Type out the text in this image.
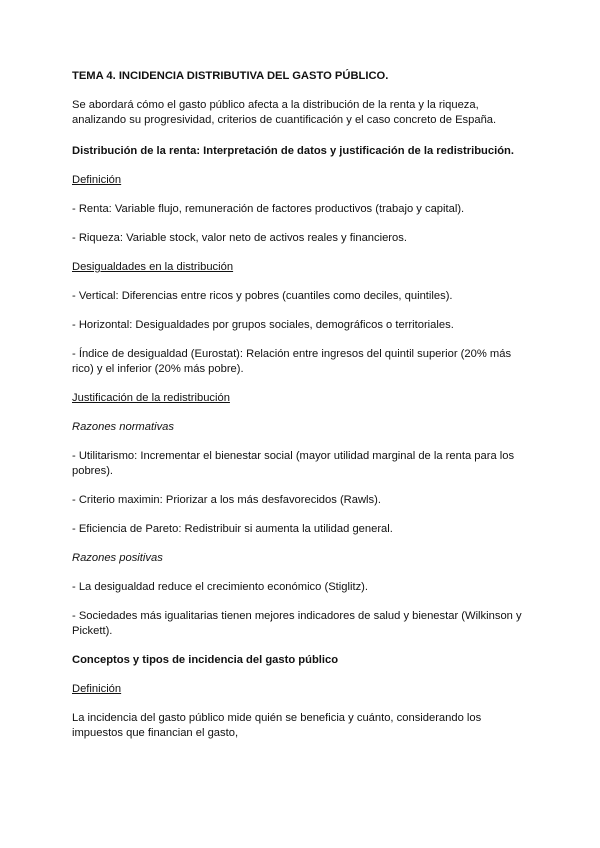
TEMA 4. INCIDENCIA DISTRIBUTIVA DEL GASTO PÚBLICO.

Se abordará cómo el gasto público afecta a la distribución de la renta y la riqueza, analizando su progresividad, criterios de cuantificación y el caso concreto de España.

Distribución de la renta: Interpretación de datos y justificación de la redistribución.

Definición

- Renta: Variable flujo, remuneración de factores productivos (trabajo y capital).

- Riqueza: Variable stock, valor neto de activos reales y financieros.

Desigualdades en la distribución

- Vertical: Diferencias entre ricos y pobres (cuantiles como deciles, quintiles).

- Horizontal: Desigualdades por grupos sociales, demográficos o territoriales.

- Índice de desigualdad (Eurostat): Relación entre ingresos del quintil superior (20% más rico) y el inferior (20% más pobre).

Justificación de la redistribución

Razones normativas

- Utilitarismo: Incrementar el bienestar social (mayor utilidad marginal de la renta para los pobres).

- Criterio maximin: Priorizar a los más desfavorecidos (Rawls).

- Eficiencia de Pareto: Redistribuir si aumenta la utilidad general.

Razones positivas

- La desigualdad reduce el crecimiento económico (Stiglitz).

- Sociedades más igualitarias tienen mejores indicadores de salud y bienestar (Wilkinson y Pickett).

Conceptos y tipos de incidencia del gasto público

Definición

La incidencia del gasto público mide quién se beneficia y cuánto, considerando los impuestos que financian el gasto,
